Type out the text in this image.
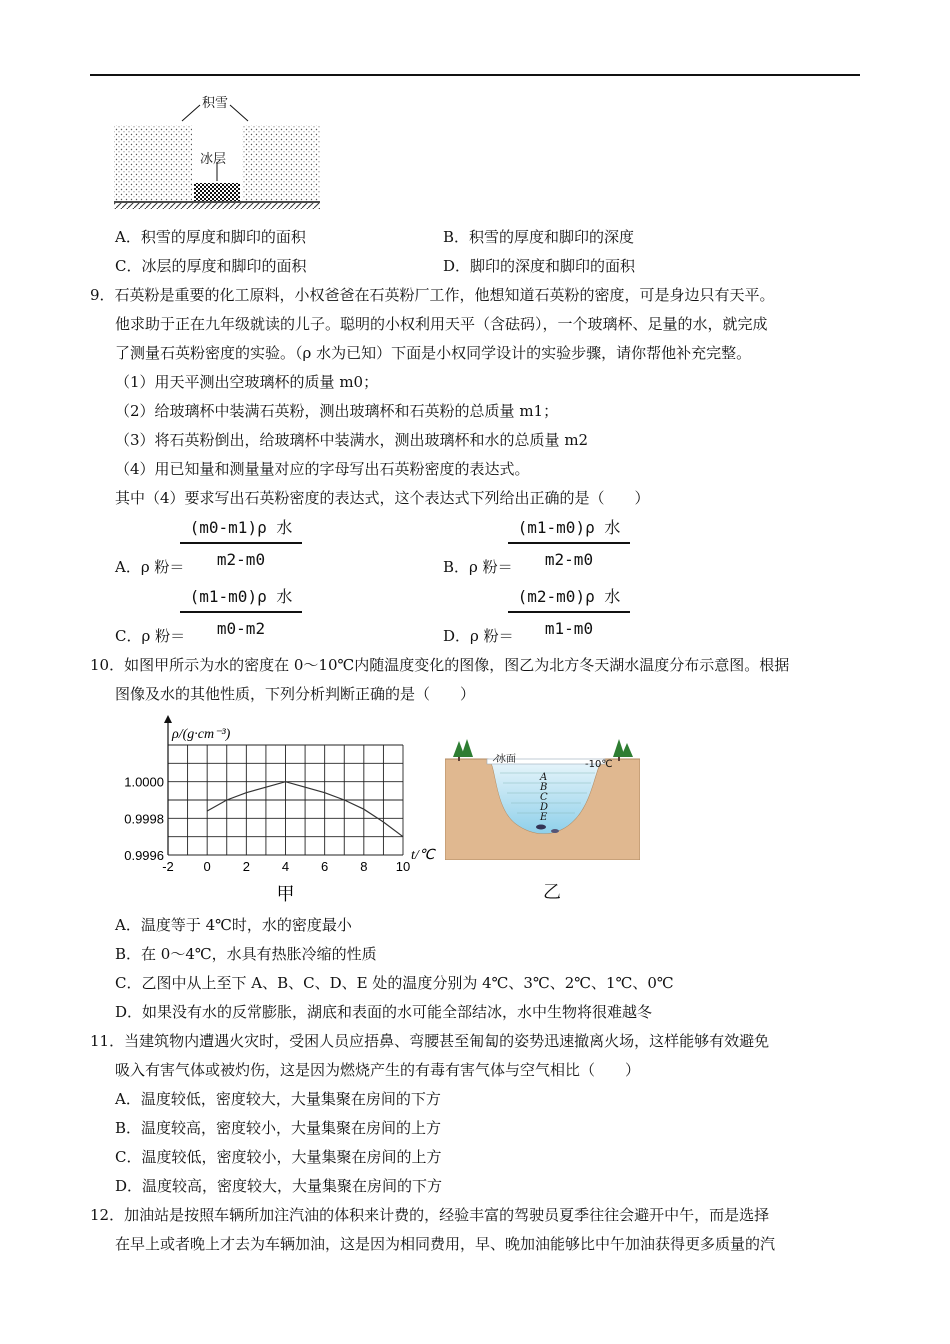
积雪
冰层
A．积雪的厚度和脚印的面积	B．积雪的厚度和脚印的深度
C．冰层的厚度和脚印的面积	D．脚印的深度和脚印的面积
9．石英粉是重要的化工原料，小权爸爸在石英粉厂工作，他想知道石英粉的密度，可是身边只有天平。
他求助于正在九年级就读的儿子。聪明的小权利用天平（含砝码），一个玻璃杯、足量的水，就完成
了测量石英粉密度的实验。（ρ 水为已知）下面是小权同学设计的实验步骤，请你帮他补充完整。
（1）用天平测出空玻璃杯的质量 m0；
（2）给玻璃杯中装满石英粉，测出玻璃杯和石英粉的总质量 m1；
（3）将石英粉倒出，给玻璃杯中装满水，测出玻璃杯和水的总质量 m2
（4）用已知量和测量量对应的字母写出石英粉密度的表达式。
其中（4）要求写出石英粉密度的表达式，这个表达式下列给出正确的是（　　）
A．ρ 粉＝
(m0-m1)ρ 水
m2-m0	B．ρ 粉＝
(m1-m0)ρ 水
m2-m0
C．ρ 粉＝
(m1-m0)ρ 水
m0-m2	D．ρ 粉＝
(m2-m0)ρ 水
m1-m0
10．如图甲所示为水的密度在 0～10℃内随温度变化的图像，图乙为北方冬天湖水温度分布示意图。根据
图像及水的其他性质，下列分析判断正确的是（　　）
-2 0 2 4 6 8 10
0.9996
0.9998
1.0000
ρ/(g·cm⁻³)
t/℃
甲
冰面	-10℃
A
B
C
D
E
乙
A．温度等于 4℃时，水的密度最小
B．在 0～4℃，水具有热胀冷缩的性质
C．乙图中从上至下 A、B、C、D、E 处的温度分别为 4℃、3℃、2℃、1℃、0℃
D．如果没有水的反常膨胀，湖底和表面的水可能全部结冰，水中生物将很难越冬
11．当建筑物内遭遇火灾时，受困人员应捂鼻、弯腰甚至匍匐的姿势迅速撤离火场，这样能够有效避免
吸入有害气体或被灼伤，这是因为燃烧产生的有毒有害气体与空气相比（　　）
A．温度较低，密度较大，大量集聚在房间的下方
B．温度较高，密度较小，大量集聚在房间的上方
C．温度较低，密度较小，大量集聚在房间的上方
D．温度较高，密度较大，大量集聚在房间的下方
12．加油站是按照车辆所加注汽油的体积来计费的，经验丰富的驾驶员夏季往往会避开中午，而是选择
在早上或者晚上才去为车辆加油，这是因为相同费用，早、晚加油能够比中午加油获得更多质量的汽
